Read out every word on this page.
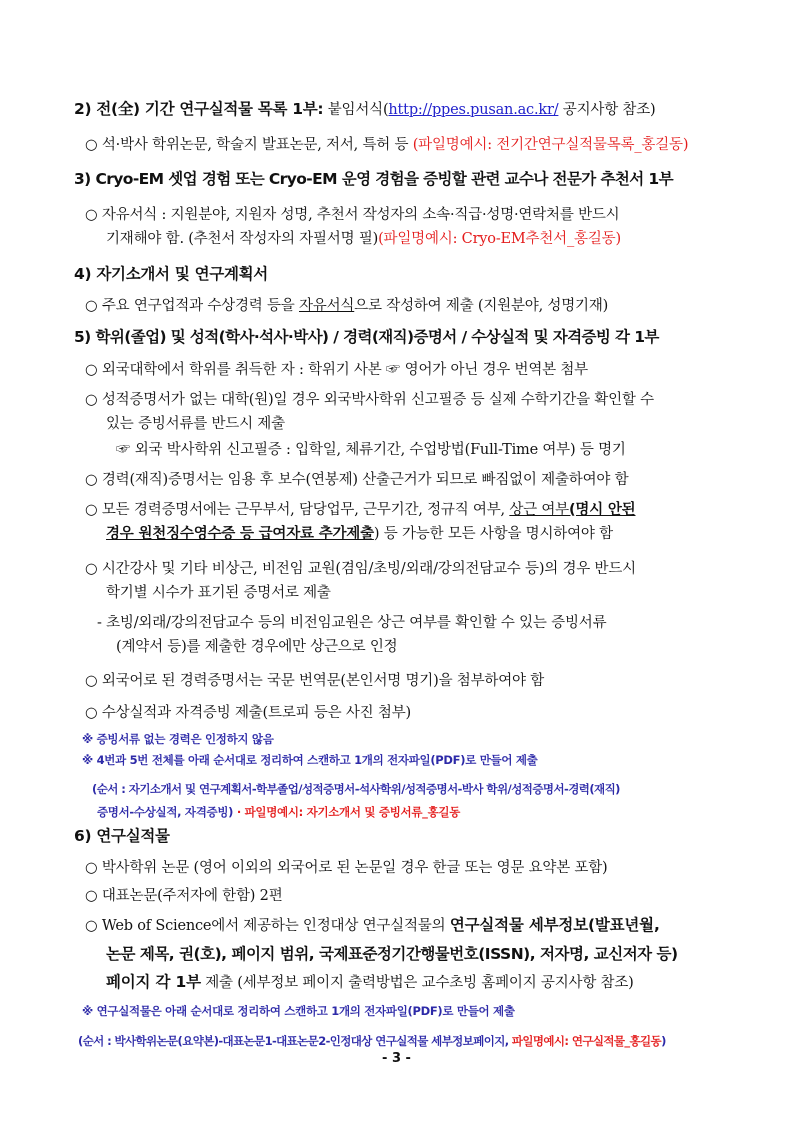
2) 전(全) 기간 연구실적물 목록 1부: 붙임서식(http://ppes.pusan.ac.kr/ 공지사항 참조)
○ 석·박사 학위논문, 학술지 발표논문, 저서, 특허 등 (파일명예시: 전기간연구실적물목록_홍길동)
3) Cryo-EM 셋업 경험 또는 Cryo-EM 운영 경험을 증빙할 관련 교수나 전문가 추천서 1부
○ 자유서식 : 지원분야, 지원자 성명, 추천서 작성자의 소속·직급·성명·연락처를 반드시
기재해야 함. (추천서 작성자의 자필서명 필)(파일명예시: Cryo-EM추천서_홍길동)
4) 자기소개서 및 연구계획서
○ 주요 연구업적과 수상경력 등을 자유서식으로 작성하여 제출 (지원분야, 성명기재)
5) 학위(졸업) 및 성적(학사·석사·박사) / 경력(재직)증명서 / 수상실적 및 자격증빙 각 1부
○ 외국대학에서 학위를 취득한 자 : 학위기 사본 ☞ 영어가 아닌 경우 번역본 첨부
○ 성적증명서가 없는 대학(원)일 경우 외국박사학위 신고필증 등 실제 수학기간을 확인할 수
있는 증빙서류를 반드시 제출
☞ 외국 박사학위 신고필증 : 입학일, 체류기간, 수업방법(Full-Time 여부) 등 명기
○ 경력(재직)증명서는 임용 후 보수(연봉제) 산출근거가 되므로 빠짐없이 제출하여야 함
○ 모든 경력증명서에는 근무부서, 담당업무, 근무기간, 정규직 여부, 상근 여부(명시 안된
경우 원천징수영수증 등 급여자료 추가제출) 등 가능한 모든 사항을 명시하여야 함
○ 시간강사 및 기타 비상근, 비전임 교원(겸임/초빙/외래/강의전담교수 등)의 경우 반드시
학기별 시수가 표기된 증명서로 제출
- 초빙/외래/강의전담교수 등의 비전임교원은 상근 여부를 확인할 수 있는 증빙서류
(계약서 등)를 제출한 경우에만 상근으로 인정
○ 외국어로 된 경력증명서는 국문 번역문(본인서명 명기)을 첨부하여야 함
○ 수상실적과 자격증빙 제출(트로피 등은 사진 첨부)
※ 증빙서류 없는 경력은 인정하지 않음
※ 4번과 5번 전체를 아래 순서대로 정리하여 스캔하고 1개의 전자파일(PDF)로 만들어 제출
(순서 : 자기소개서 및 연구계획서-학부졸업/성적증명서-석사학위/성적증명서-박사 학위/성적증명서-경력(재직)
증명서-수상실적, 자격증빙) · 파일명예시: 자기소개서 및 증빙서류_홍길동
6) 연구실적물
○ 박사학위 논문 (영어 이외의 외국어로 된 논문일 경우 한글 또는 영문 요약본 포함)
○ 대표논문(주저자에 한함) 2편
○ Web of Science에서 제공하는 인정대상 연구실적물의 연구실적물 세부정보(발표년월,
논문 제목, 권(호), 페이지 범위, 국제표준정기간행물번호(ISSN), 저자명, 교신저자 등)
페이지 각 1부 제출 (세부정보 페이지 출력방법은 교수초빙 홈페이지 공지사항 참조)
※ 연구실적물은 아래 순서대로 정리하여 스캔하고 1개의 전자파일(PDF)로 만들어 제출
(순서 : 박사학위논문(요약본)-대표논문1-대표논문2-인정대상 연구실적물 세부정보페이지, 파일명예시: 연구실적물_홍길동)
- 3 -
